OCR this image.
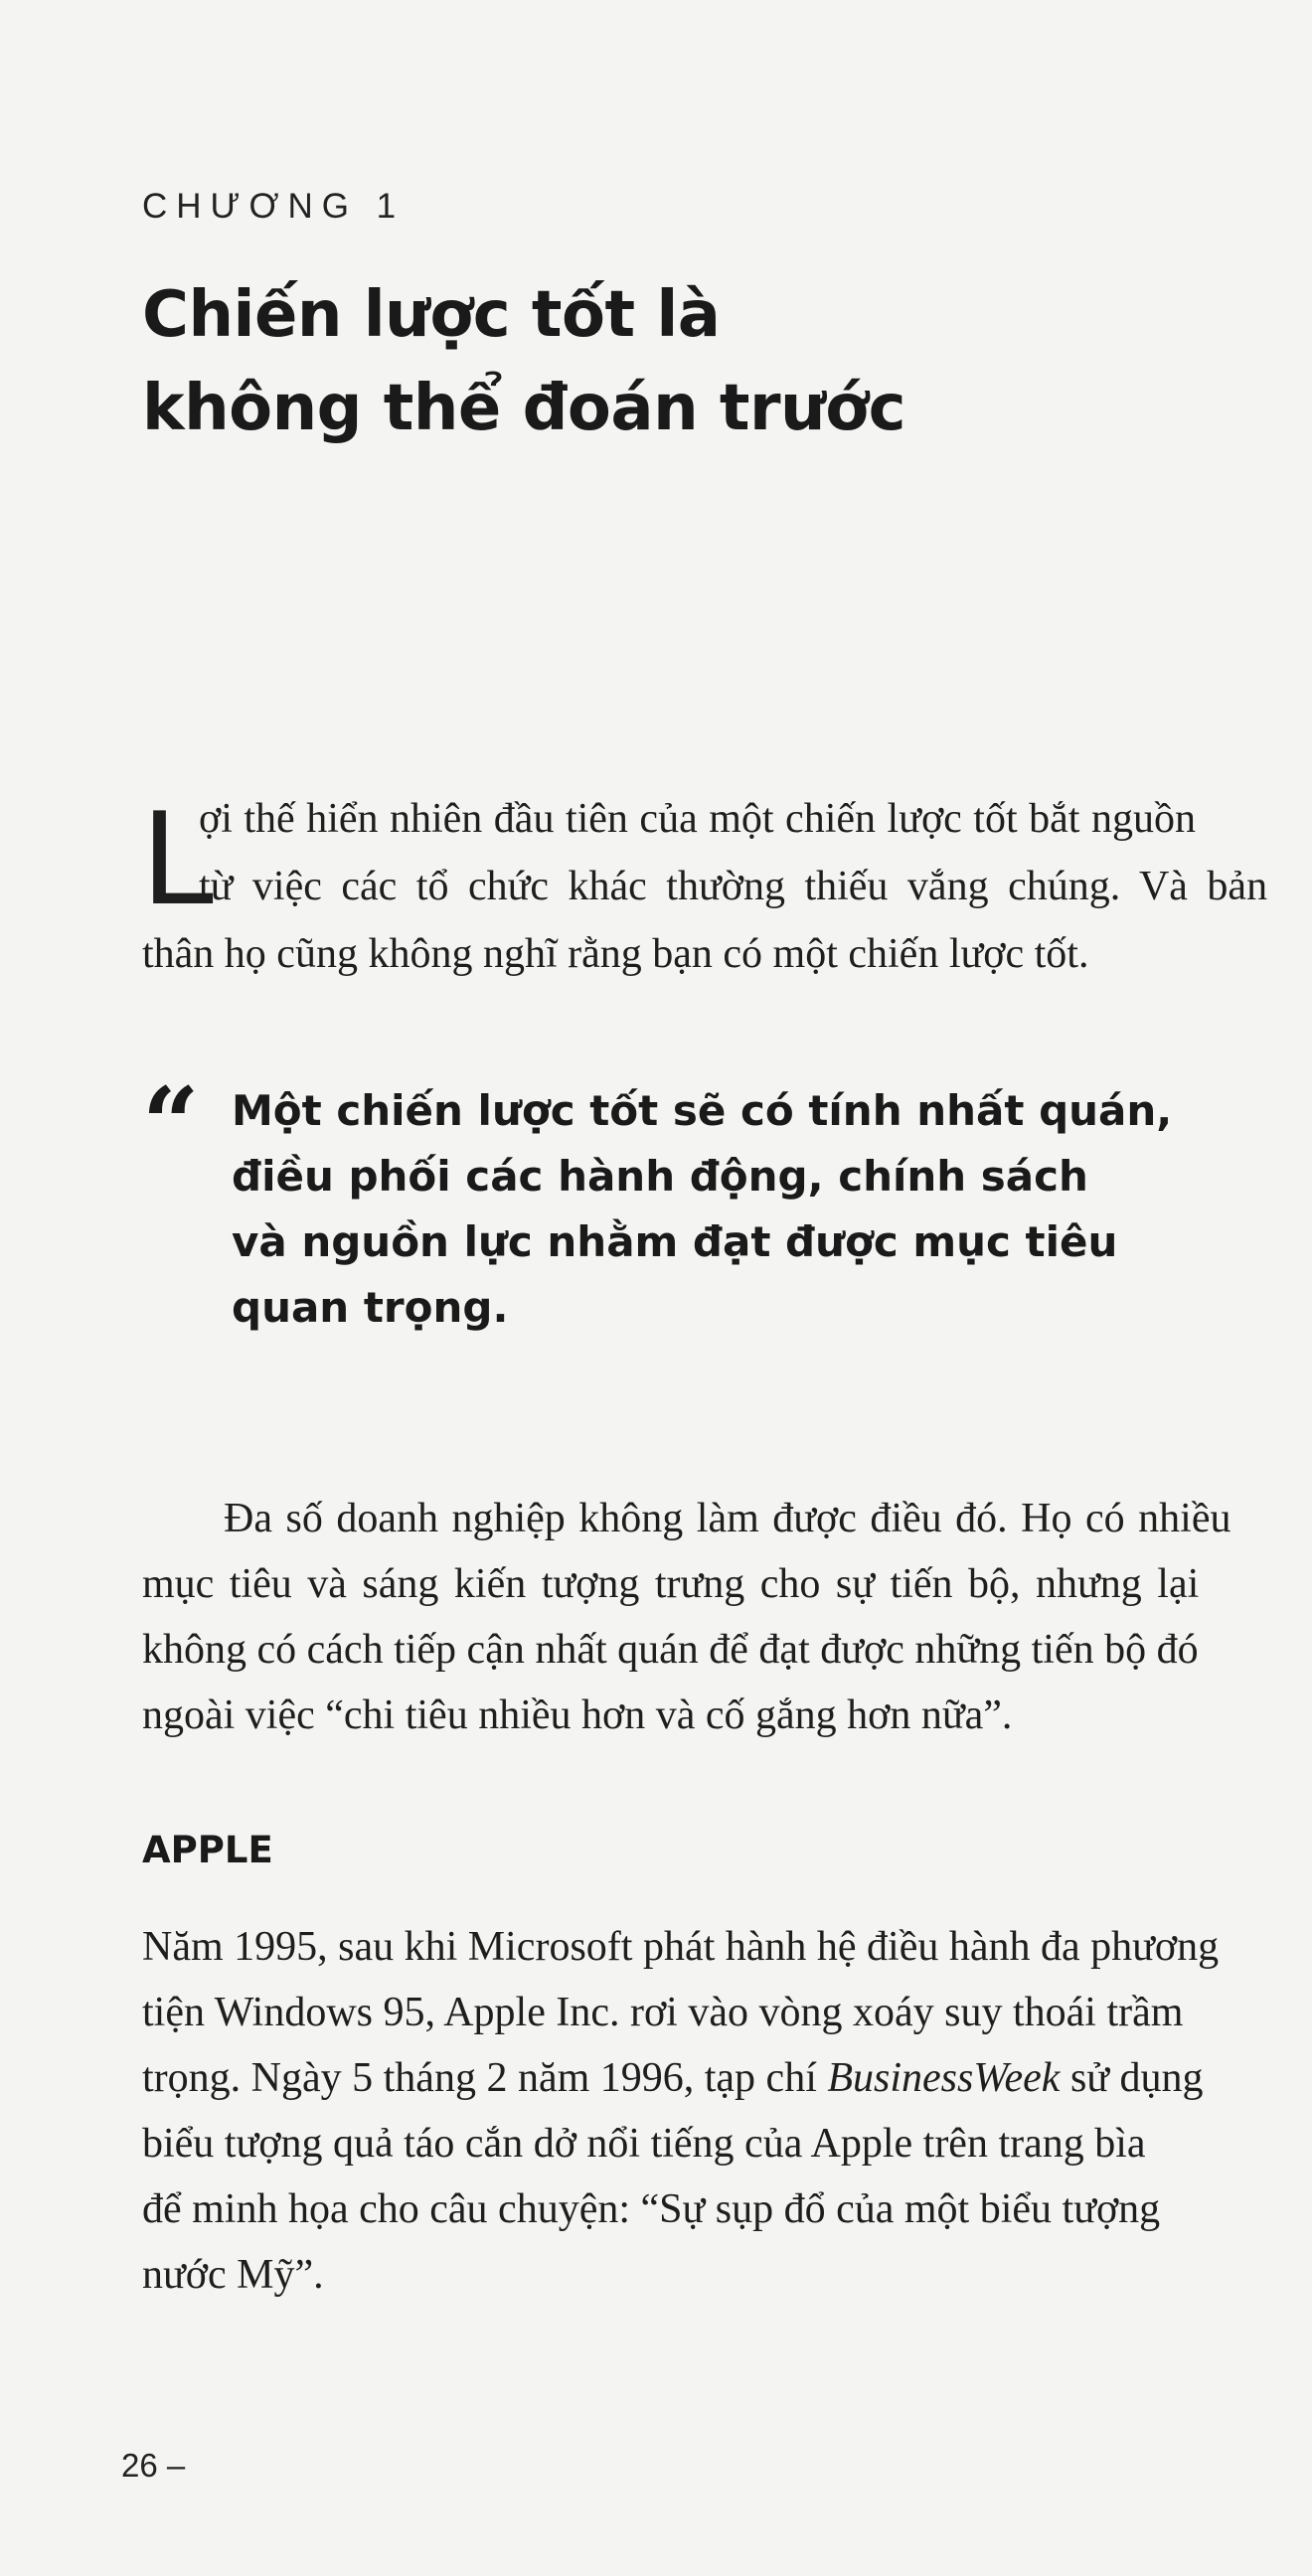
CHƯƠNG 1
Chiến lược tốt là
không thể đoán trước
L
ợi thế hiển nhiên đầu tiên của một chiến lược tốt bắt nguồn
từ việc các tổ chức khác thường thiếu vắng chúng. Và bản
thân họ cũng không nghĩ rằng bạn có một chiến lược tốt.
“ Một chiến lược tốt sẽ có tính nhất quán,
điều phối các hành động, chính sách
và nguồn lực nhằm đạt được mục tiêu
quan trọng.
Đa số doanh nghiệp không làm được điều đó. Họ có nhiều
mục tiêu và sáng kiến tượng trưng cho sự tiến bộ, nhưng lại
không có cách tiếp cận nhất quán để đạt được những tiến bộ đó
ngoài việc “chi tiêu nhiều hơn và cố gắng hơn nữa”.
APPLE
Năm 1995, sau khi Microsoft phát hành hệ điều hành đa phương
tiện Windows 95, Apple Inc. rơi vào vòng xoáy suy thoái trầm
trọng. Ngày 5 tháng 2 năm 1996, tạp chí BusinessWeek sử dụng
biểu tượng quả táo cắn dở nổi tiếng của Apple trên trang bìa
để minh họa cho câu chuyện: “Sự sụp đổ của một biểu tượng
nước Mỹ”.
26 –
